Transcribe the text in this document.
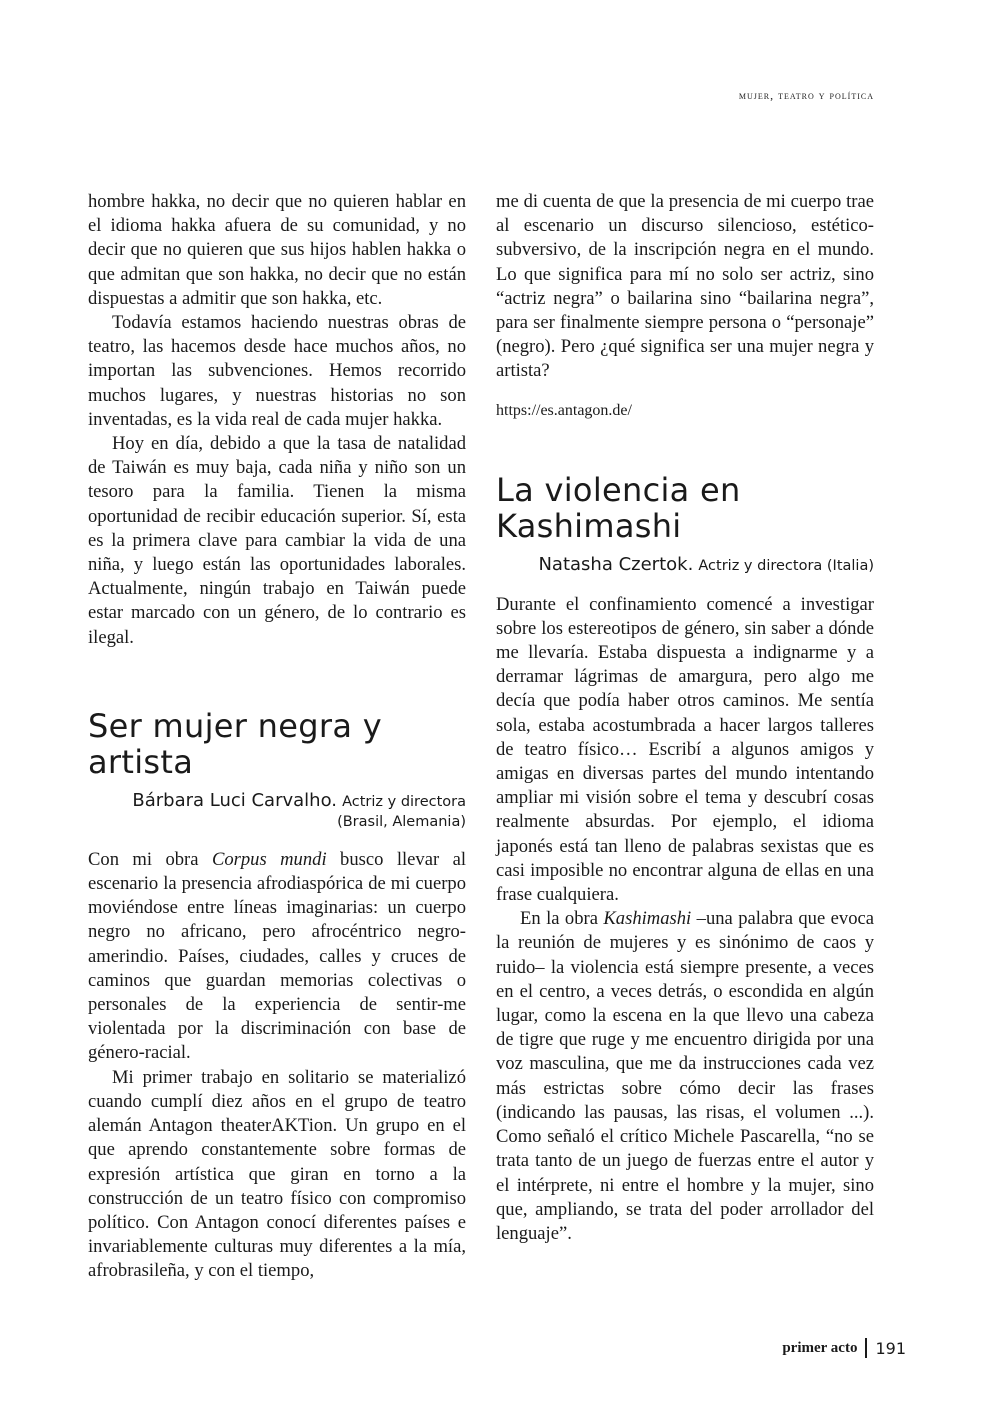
mujer, teatro y política

hombre hakka, no decir que no quieren hablar en el idioma hakka afuera de su comunidad, y no decir que no quieren que sus hijos hablen hakka o que admitan que son hakka, no decir que no están dispuestas a admitir que son hakka, etc.

Todavía estamos haciendo nuestras obras de teatro, las hacemos desde hace muchos años, no importan las subvenciones. Hemos recorrido muchos lugares, y nuestras historias no son inventadas, es la vida real de cada mujer hakka.

Hoy en día, debido a que la tasa de natalidad de Taiwán es muy baja, cada niña y niño son un tesoro para la familia. Tienen la misma oportunidad de recibir educación superior. Sí, esta es la primera clave para cambiar la vida de una niña, y luego están las oportunidades laborales. Actualmente, ningún trabajo en Taiwán puede estar marcado con un género, de lo contrario es ilegal.

Ser mujer negra y artista

Bárbara Luci Carvalho. Actriz y directora
(Brasil, Alemania)

Con mi obra Corpus mundi busco llevar al escenario la presencia afrodiaspórica de mi cuerpo moviéndose entre líneas imaginarias: un cuerpo negro no africano, pero afrocéntrico negro-amerindio. Países, ciudades, calles y cruces de caminos que guardan memorias colectivas o personales de la experiencia de sentir-me violentada por la discriminación con base de género-racial.

Mi primer trabajo en solitario se materializó cuando cumplí diez años en el grupo de teatro alemán Antagon theaterAKTion. Un grupo en el que aprendo constantemente sobre formas de expresión artística que giran en torno a la construcción de un teatro físico con compromiso político. Con Antagon conocí diferentes países e invariablemente culturas muy diferentes a la mía, afrobrasileña, y con el tiempo,

me di cuenta de que la presencia de mi cuerpo trae al escenario un discurso silencioso, estético-subversivo, de la inscripción negra en el mundo. Lo que significa para mí no solo ser actriz, sino “actriz negra” o bailarina sino “bailarina negra”, para ser finalmente siempre persona o “personaje” (negro). Pero ¿qué significa ser una mujer negra y artista?

https://es.antagon.de/

La violencia en
Kashimashi

Natasha Czertok. Actriz y directora (Italia)

Durante el confinamiento comencé a investigar sobre los estereotipos de género, sin saber a dónde me llevaría. Estaba dispuesta a indignarme y a derramar lágrimas de amargura, pero algo me decía que podía haber otros caminos. Me sentía sola, estaba acostumbrada a hacer largos talleres de teatro físico… Escribí a algunos amigos y amigas en diversas partes del mundo intentando ampliar mi visión sobre el tema y descubrí cosas realmente absurdas. Por ejemplo, el idioma japonés está tan lleno de palabras sexistas que es casi imposible no encontrar alguna de ellas en una frase cualquiera.

En la obra Kashimashi –una palabra que evoca la reunión de mujeres y es sinónimo de caos y ruido– la violencia está siempre presente, a veces en el centro, a veces detrás, o escondida en algún lugar, como la escena en la que llevo una cabeza de tigre que ruge y me encuentro dirigida por una voz masculina, que me da instrucciones cada vez más estrictas sobre cómo decir las frases (indicando las pausas, las risas, el volumen ...). Como señaló el crítico Michele Pascarella, “no se trata tanto de un juego de fuerzas entre el autor y el intérprete, ni entre el hombre y la mujer, sino que, ampliando, se trata del poder arrollador del lenguaje”.

primer acto 191
